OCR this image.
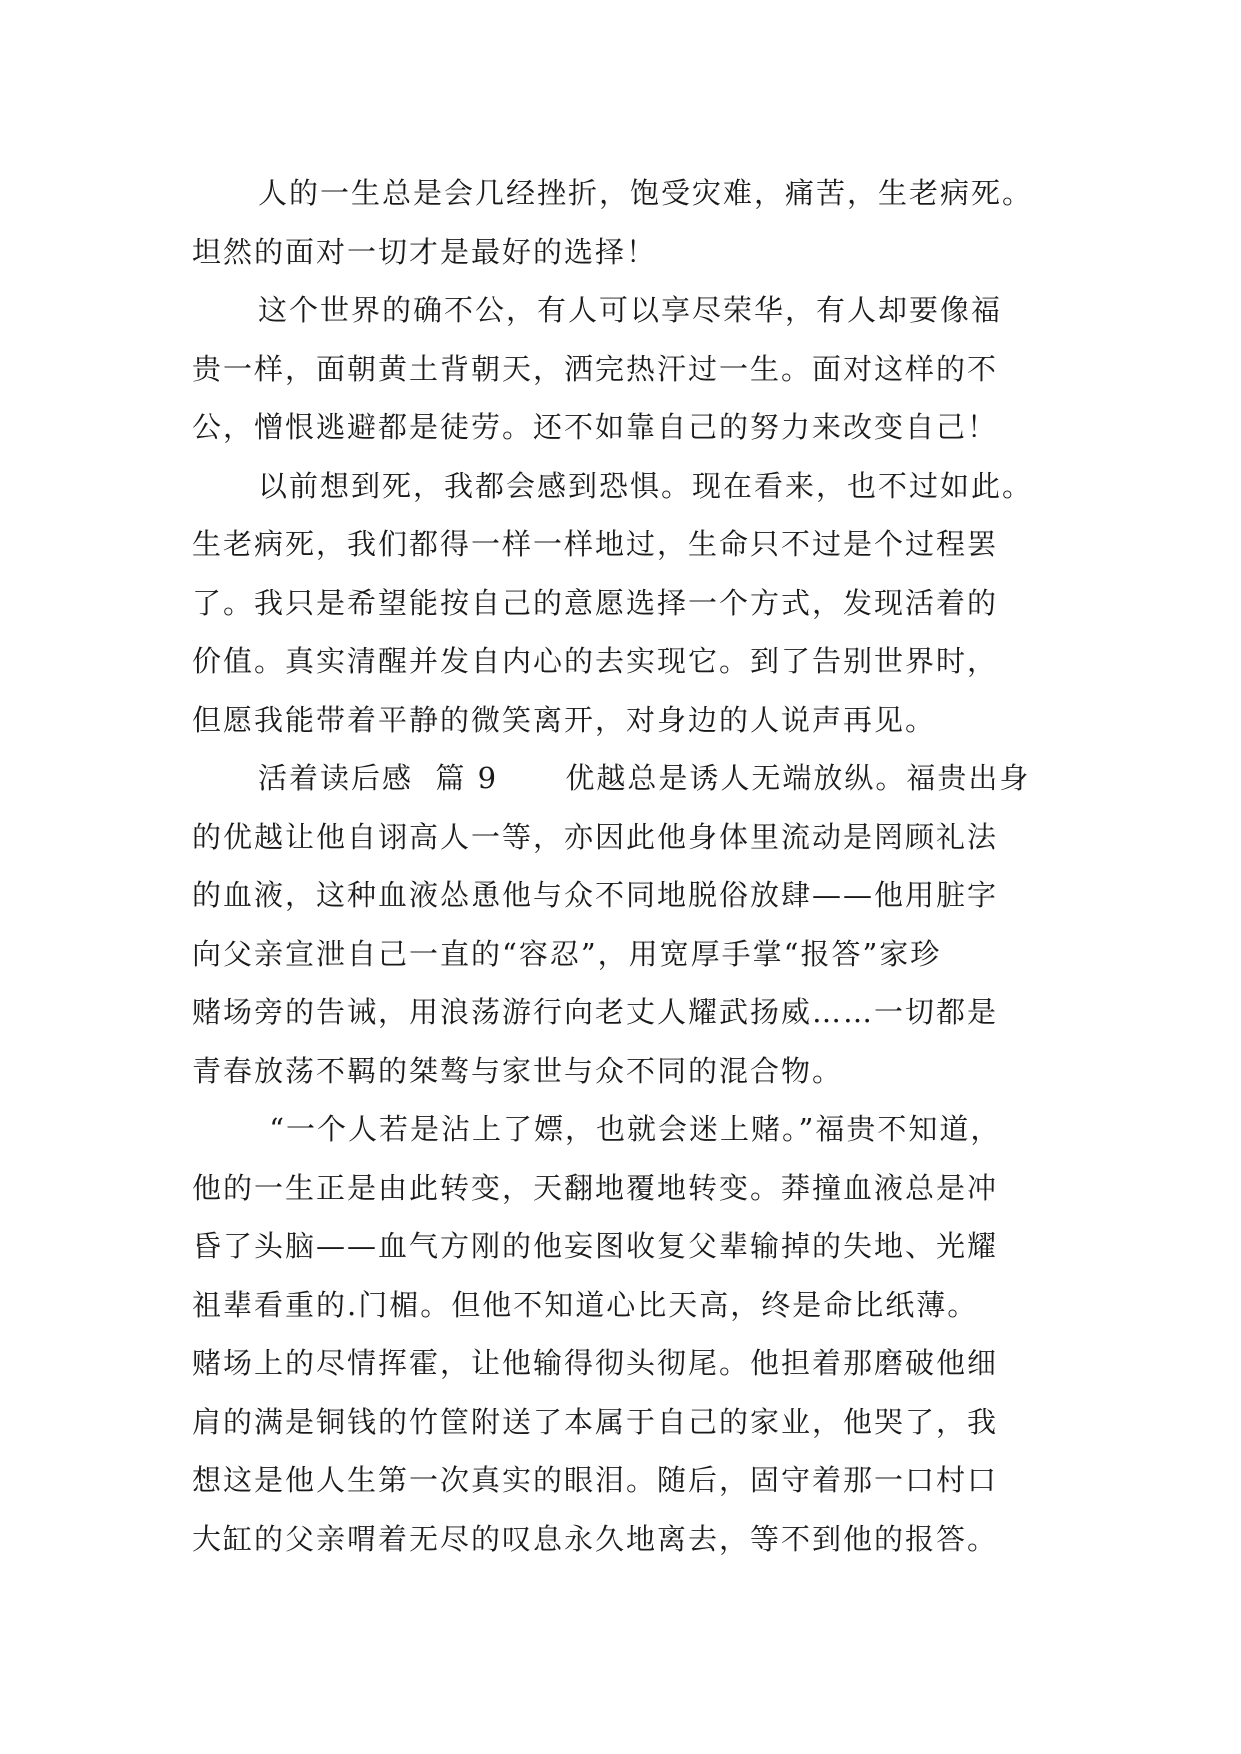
人的一生总是会几经挫折，饱受灾难，痛苦，生老病死。
坦然的面对一切才是最好的选择！
这个世界的确不公，有人可以享尽荣华，有人却要像福
贵一样，面朝黄土背朝天，洒完热汗过一生。面对这样的不
公，憎恨逃避都是徒劳。还不如靠自己的努力来改变自己！
以前想到死，我都会感到恐惧。现在看来，也不过如此。
生老病死，我们都得一样一样地过，生命只不过是个过程罢
了。我只是希望能按自己的意愿选择一个方式，发现活着的
价值。真实清醒并发自内心的去实现它。到了告别世界时，
但愿我能带着平静的微笑离开，对身边的人说声再见。
活着读后感  篇 9      优越总是诱人无端放纵。福贵出身
的优越让他自诩高人一等，亦因此他身体里流动是罔顾礼法
的血液，这种血液怂恿他与众不同地脱俗放肆——他用脏字
向父亲宣泄自己一直的“容忍”，用宽厚手掌“报答”家珍
赌场旁的告诫，用浪荡游行向老丈人耀武扬威……一切都是
青春放荡不羁的桀骜与家世与众不同的混合物。
“一个人若是沾上了嫖，也就会迷上赌。”福贵不知道，
他的一生正是由此转变，天翻地覆地转变。莽撞血液总是冲
昏了头脑——血气方刚的他妄图收复父辈输掉的失地、光耀
祖辈看重的.门楣。但他不知道心比天高，终是命比纸薄。
赌场上的尽情挥霍，让他输得彻头彻尾。他担着那磨破他细
肩的满是铜钱的竹筐附送了本属于自己的家业，他哭了，我
想这是他人生第一次真实的眼泪。随后，固守着那一口村口
大缸的父亲喟着无尽的叹息永久地离去，等不到他的报答。
